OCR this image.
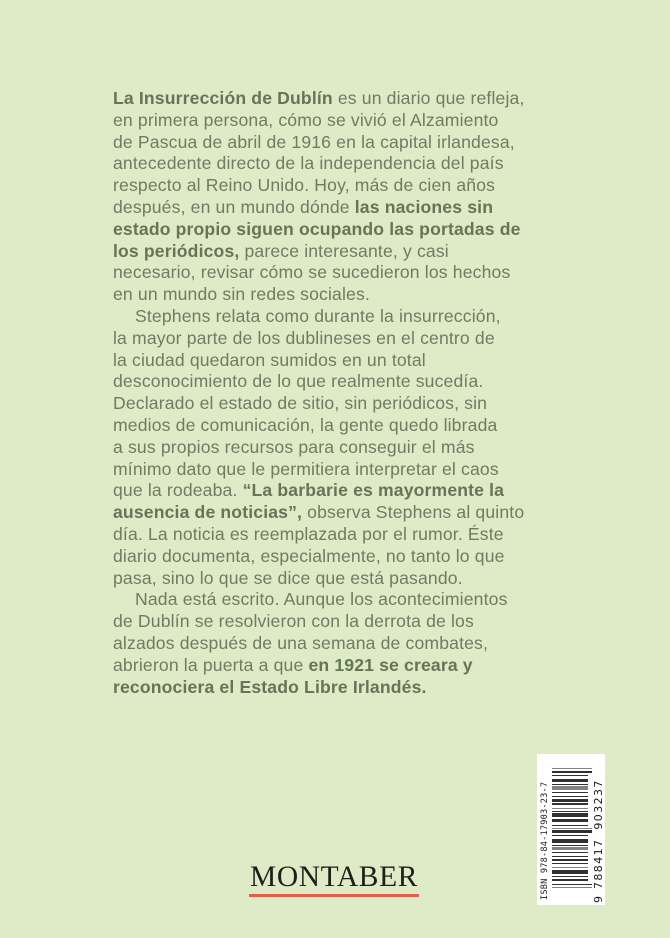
La Insurrección de Dublín es un diario que refleja,
en primera persona, cómo se vivió el Alzamiento
de Pascua de abril de 1916 en la capital irlandesa,
antecedente directo de la independencia del país
respecto al Reino Unido. Hoy, más de cien años
después, en un mundo dónde las naciones sin
estado propio siguen ocupando las portadas de
los periódicos, parece interesante, y casi
necesario, revisar cómo se sucedieron los hechos
en un mundo sin redes sociales.
Stephens relata como durante la insurrección,
la mayor parte de los dublineses en el centro de
la ciudad quedaron sumidos en un total
desconocimiento de lo que realmente sucedía.
Declarado el estado de sitio, sin periódicos, sin
medios de comunicación, la gente quedo librada
a sus propios recursos para conseguir el más
mínimo dato que le permitiera interpretar el caos
que la rodeaba. “La barbarie es mayormente la
ausencia de noticias”, observa Stephens al quinto
día. La noticia es reemplazada por el rumor. Éste
diario documenta, especialmente, no tanto lo que
pasa, sino lo que se dice que está pasando.
Nada está escrito. Aunque los acontecimientos
de Dublín se resolvieron con la derrota de los
alzados después de una semana de combates,
abrieron la puerta a que en 1921 se creara y
reconociera el Estado Libre Irlandés.
MONTABER	ISBN 978-84-17903-23-7	9788417903237
